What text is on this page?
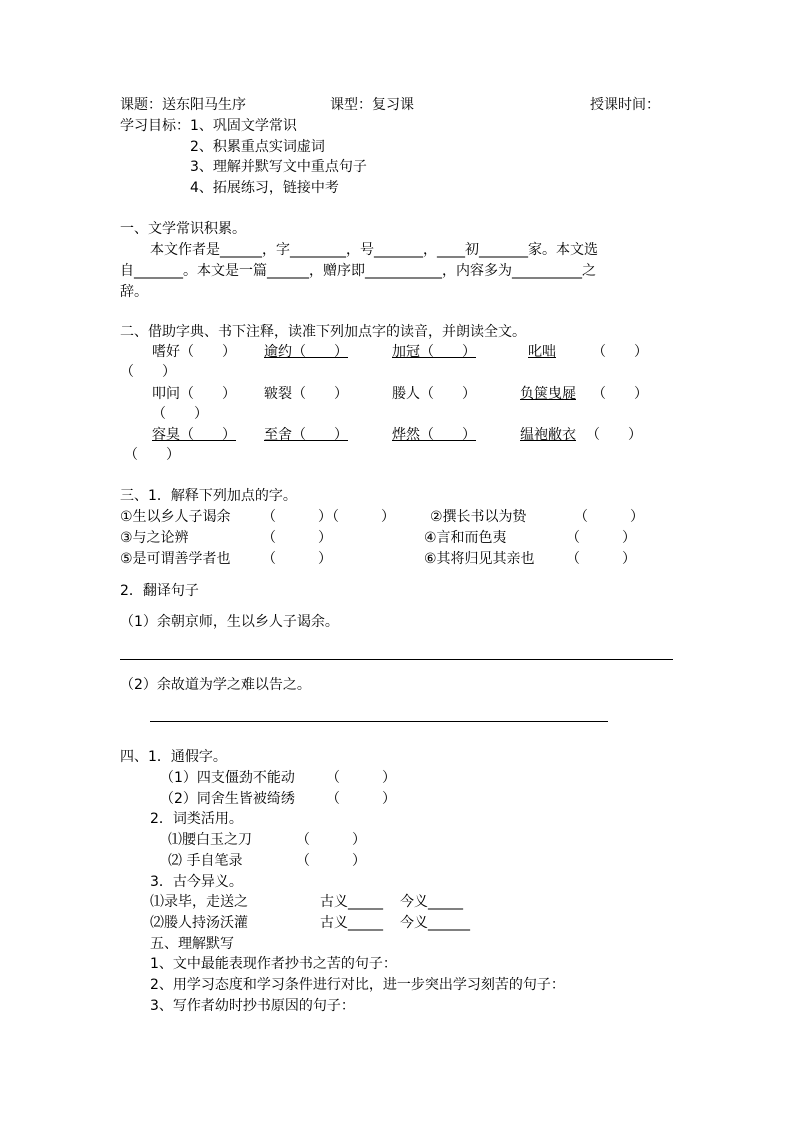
课题：送东阳马生序	课型：复习课	授课时间：
学习目标： 1、巩固文学常识
2、积累重点实词虚词
3、理解并默写文中重点句子
4、拓展练习，链接中考
一、文学常识积累。
本文作者是______，字________，号_______，____初_______家。本文选
自_______。本文是一篇______，赠序即___________，内容多为__________之
辞。
二、借助字典、书下注释，读准下列加点字的读音，并朗读全文。
嗜好（　　） 逾约（　　）	加冠（　　）	叱咄	（　　）
（　　）
叩问（　　） 皲裂（　　）	媵人（　　）	负箧曳屣 （　　）
（　　）
容臭（　　） 至舍（　　）	烨然（　　）	缊袍敝衣 （　　）
（　　）
三、1．解释下列加点的字。
①生以乡人子谒余 （　　　）（　　　）	②撰长书以为贽	（　　　）
③与之论辨	（　　　）	④言和而色夷	（　　　）
⑤是可谓善学者也 （　　　）	⑥其将归见其亲也 （　　　）
2．翻译句子
（1）余朝京师，生以乡人子谒余。
（2）余故道为学之难以告之。
四、1．通假字。
（1）四支僵劲不能动 （　　　）
（2）同舍生皆被绮绣 （　　　）
2．词类活用。
⑴腰白玉之刀	（　　　）
⑵ 手自笔录	（　　　）
3．古今异义。
⑴录毕，走送之	古义_____ 今义_____
⑵媵人持汤沃灌	古义_____ 今义______
五、理解默写
1、文中最能表现作者抄书之苦的句子：
2、用学习态度和学习条件进行对比，进一步突出学习刻苦的句子：
3、写作者幼时抄书原因的句子：
